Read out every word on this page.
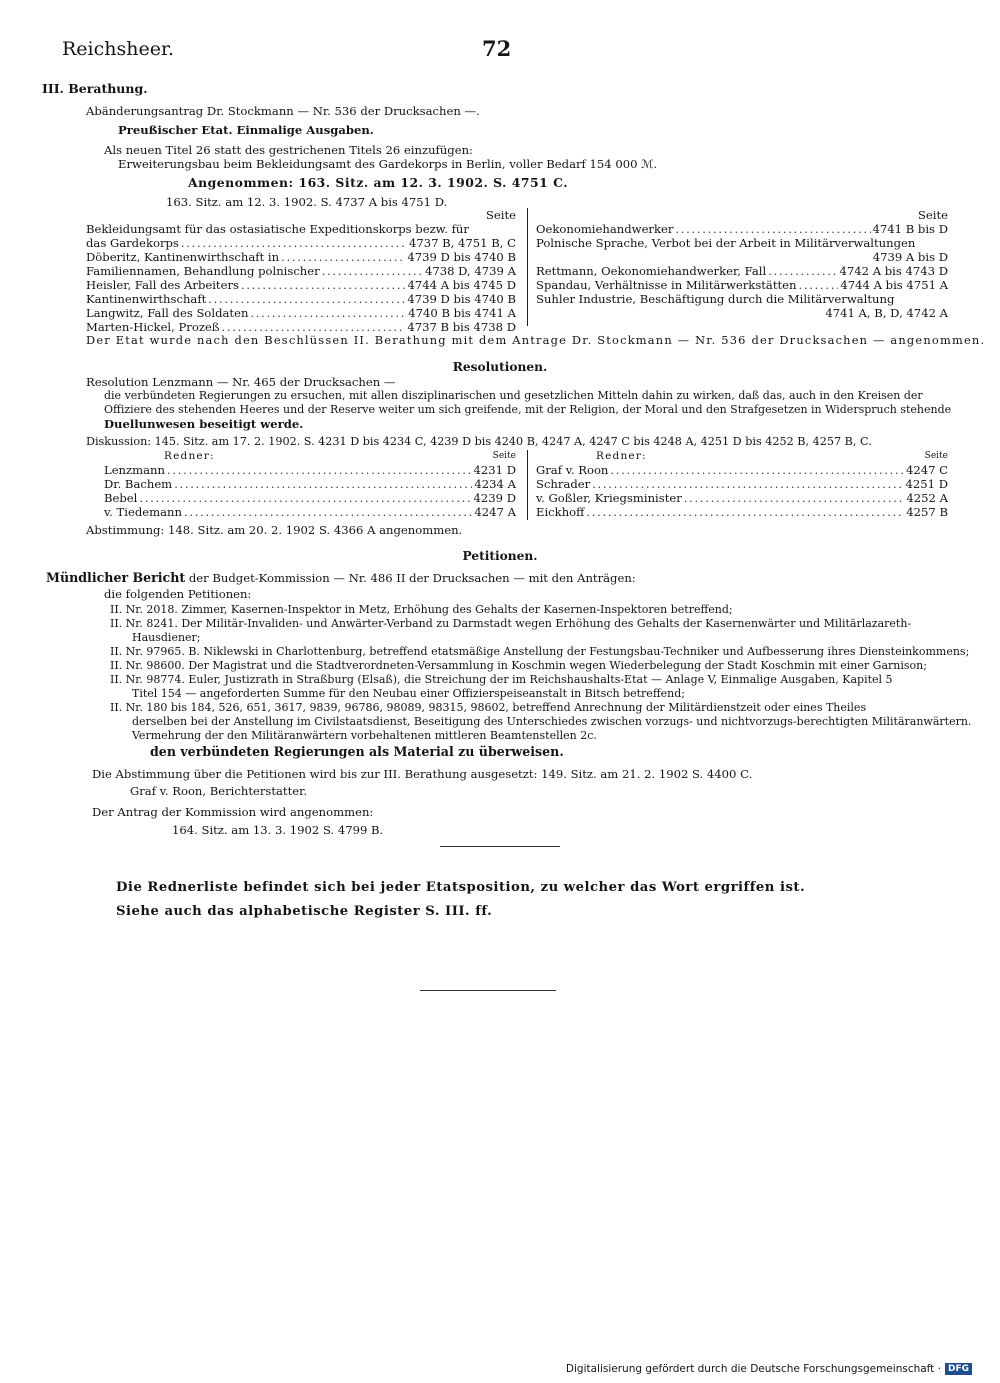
Reichsheer.	72
III. Berathung.
Abänderungsantrag Dr. Stockmann — Nr. 536 der Drucksachen —.
Preußischer Etat. Einmalige Ausgaben.
Als neuen Titel 26 statt des gestrichenen Titels 26 einzufügen:
Erweiterungsbau beim Bekleidungsamt des Gardekorps in Berlin, voller Bedarf 154 000 ℳ.
Angenommen: 163. Sitz. am 12. 3. 1902. S. 4751 C.
163. Sitz. am 12. 3. 1902. S. 4737 A bis 4751 D.
Seite
Bekleidungsamt für das ostasiatische Expeditionskorps bezw. für
das Gardekorps . . .	4737 B, 4751 B, C
Döberitz, Kantinenwirthschaft in . . .	4739 D bis 4740 B
Familiennamen, Behandlung polnischer . . .	4738 D, 4739 A
Heisler, Fall des Arbeiters . . .	4744 A bis 4745 D
Kantinenwirthschaft . . .	4739 D bis 4740 B
Langwitz, Fall des Soldaten . . .	4740 B bis 4741 A
Marten-Hickel, Prozeß . . .	4737 B bis 4738 D
Seite
Oekonomiehandwerker . . .	4741 B bis D
Polnische Sprache, Verbot bei der Arbeit in Militärverwaltungen
4739 A bis D
Rettmann, Oekonomiehandwerker, Fall . . .	4742 A bis 4743 D
Spandau, Verhältnisse in Militärwerkstätten . . .	4744 A bis 4751 A
Suhler Industrie, Beschäftigung durch die Militärverwaltung
4741 A, B, D, 4742 A
Der Etat wurde nach den Beschlüssen II. Berathung mit dem Antrage Dr. Stockmann — Nr. 536 der Drucksachen — angenommen.
Resolutionen.
Resolution Lenzmann — Nr. 465 der Drucksachen —
die verbündeten Regierungen zu ersuchen, mit allen disziplinarischen und gesetzlichen Mitteln dahin zu wirken, daß das, auch in den Kreisen der
Offiziere des stehenden Heeres und der Reserve weiter um sich greifende, mit der Religion, der Moral und den Strafgesetzen in Widerspruch stehende
Duellunwesen beseitigt werde.
Diskussion: 145. Sitz. am 17. 2. 1902. S. 4231 D bis 4234 C, 4239 D bis 4240 B, 4247 A, 4247 C bis 4248 A, 4251 D bis 4252 B, 4257 B, C.
Redner:	Seite
Lenzmann . . .	4231 D
Dr. Bachem . . .	4234 A
Bebel . . .	4239 D
v. Tiedemann . . .	4247 A
Redner:	Seite
Graf v. Roon . . .	4247 C
Schrader . . .	4251 D
v. Goßler, Kriegsminister . . .	4252 A
Eickhoff . . .	4257 B
Abstimmung: 148. Sitz. am 20. 2. 1902 S. 4366 A angenommen.
Petitionen.
Mündlicher Bericht der Budget-Kommission — Nr. 486 II der Drucksachen — mit den Anträgen:
die folgenden Petitionen:
II. Nr. 2018. Zimmer, Kasernen-Inspektor in Metz, Erhöhung des Gehalts der Kasernen-Inspektoren betreffend;
II. Nr. 8241. Der Militär-Invaliden- und Anwärter-Verband zu Darmstadt wegen Erhöhung des Gehalts der Kasernenwärter und Militärlazareth-
Hausdiener;
II. Nr. 97965. B. Niklewski in Charlottenburg, betreffend etatsmäßige Anstellung der Festungsbau-Techniker und Aufbesserung ihres Diensteinkommens;
II. Nr. 98600. Der Magistrat und die Stadtverordneten-Versammlung in Koschmin wegen Wiederbelegung der Stadt Koschmin mit einer Garnison;
II. Nr. 98774. Euler, Justizrath in Straßburg (Elsaß), die Streichung der im Reichshaushalts-Etat — Anlage V, Einmalige Ausgaben, Kapitel 5
Titel 154 — angeforderten Summe für den Neubau einer Offizierspeiseanstalt in Bitsch betreffend;
II. Nr. 180 bis 184, 526, 651, 3617, 9839, 96786, 98089, 98315, 98602, betreffend Anrechnung der Militärdienstzeit oder eines Theiles
derselben bei der Anstellung im Civilstaatsdienst, Beseitigung des Unterschiedes zwischen vorzugs- und nichtvorzugs-berechtigten Militäranwärtern.
Vermehrung der den Militäranwärtern vorbehaltenen mittleren Beamtenstellen 2c.
den verbündeten Regierungen als Material zu überweisen.
Die Abstimmung über die Petitionen wird bis zur III. Berathung ausgesetzt: 149. Sitz. am 21. 2. 1902 S. 4400 C.
Graf v. Roon, Berichterstatter.
Der Antrag der Kommission wird angenommen:
164. Sitz. am 13. 3. 1902 S. 4799 B.
Die Rednerliste befindet sich bei jeder Etatsposition, zu welcher das Wort ergriffen ist.
Siehe auch das alphabetische Register S. III. ff.
Digitalisierung gefördert durch die Deutsche Forschungsgemeinschaft · DFG
